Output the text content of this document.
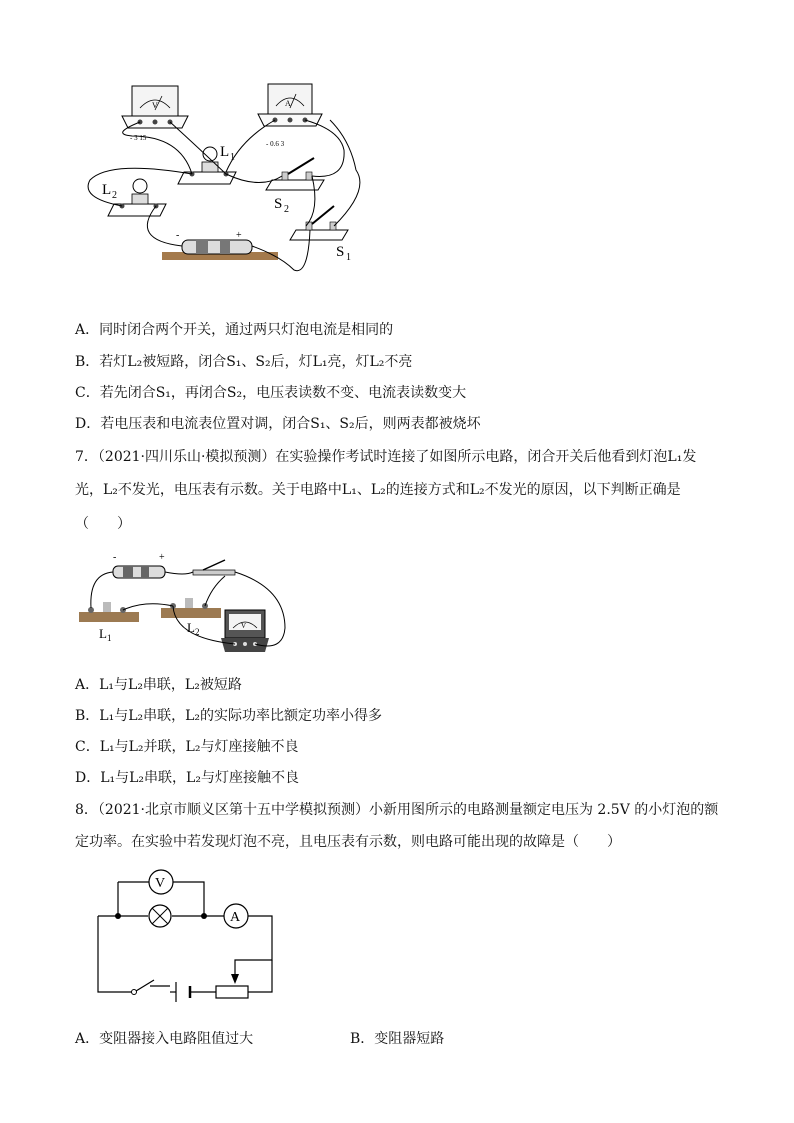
V
- 3 15
A
- 0.6 3
L 1
L 2
S 2
S 1
-	+
A．同时闭合两个开关，通过两只灯泡电流是相同的
B．若灯L₂被短路，闭合S₁、S₂后，灯L₁亮，灯L₂不亮
C．若先闭合S₁，再闭合S₂，电压表读数不变、电流表读数变大
D．若电压表和电流表位置对调，闭合S₁、S₂后，则两表都被烧坏
7．（2021·四川乐山·模拟预测）在实验操作考试时连接了如图所示电路，闭合开关后他看到灯泡L₁发
光，L₂不发光，电压表有示数。关于电路中L₁、L₂的连接方式和L₂不发光的原因，以下判断正确是
（　　）
-	+
L 1
L 2
V
A．L₁与L₂串联，L₂被短路
B．L₁与L₂串联，L₂的实际功率比额定功率小得多
C．L₁与L₂并联，L₂与灯座接触不良
D．L₁与L₂串联，L₂与灯座接触不良
8．（2021·北京市顺义区第十五中学模拟预测）小新用图所示的电路测量额定电压为 2.5V 的小灯泡的额
定功率。在实验中若发现灯泡不亮，且电压表有示数，则电路可能出现的故障是（　　）
V
A
A．变阻器接入电路阻值过大	B．变阻器短路
